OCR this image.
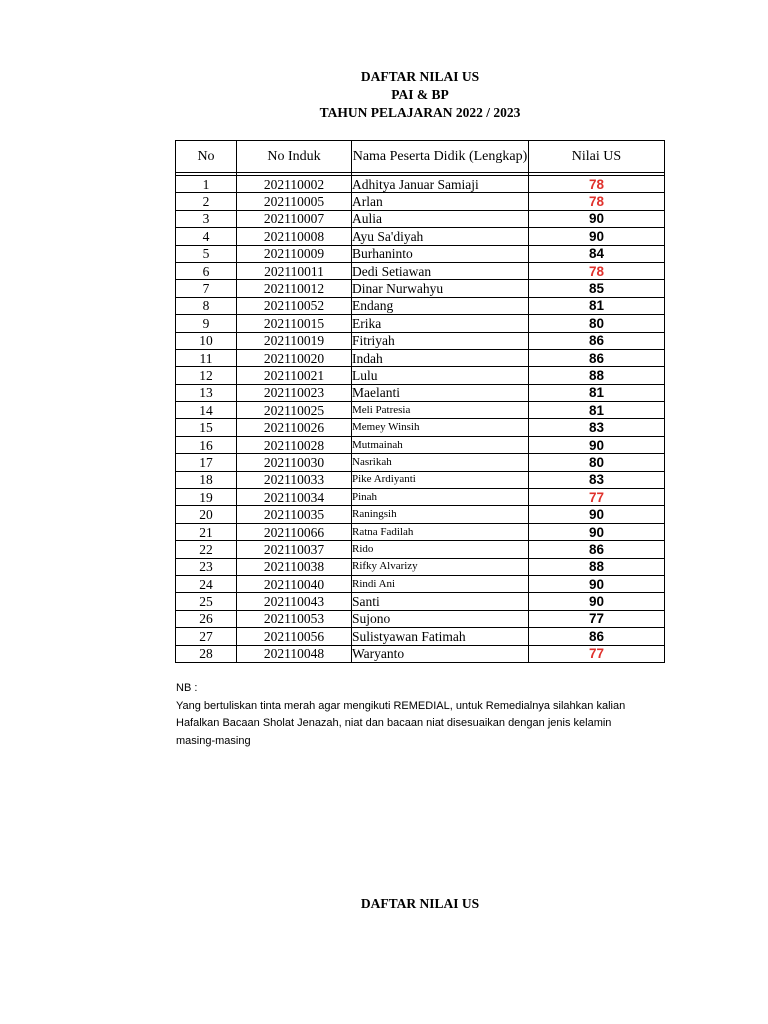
DAFTAR NILAI US
PAI & BP
TAHUN PELAJARAN 2022 / 2023
No	No Induk	Nama Peserta Didik (Lengkap)	Nilai US

1	202110002	Adhitya Januar Samiaji	78
2	202110005	Arlan	78
3	202110007	Aulia	90
4	202110008	Ayu Sa'diyah	90
5	202110009	Burhaninto	84
6	202110011	Dedi Setiawan	78
7	202110012	Dinar Nurwahyu	85
8	202110052	Endang	81
9	202110015	Erika	80
10	202110019	Fitriyah	86
11	202110020	Indah	86
12	202110021	Lulu	88
13	202110023	Maelanti	81
14	202110025	Meli Patresia	81
15	202110026	Memey Winsih	83
16	202110028	Mutmainah	90
17	202110030	Nasrikah	80
18	202110033	Pike Ardiyanti	83
19	202110034	Pinah	77
20	202110035	Raningsih	90
21	202110066	Ratna Fadilah	90
22	202110037	Rido	86
23	202110038	Rifky Alvarizy	88
24	202110040	Rindi Ani	90
25	202110043	Santi	90
26	202110053	Sujono	77
27	202110056	Sulistyawan Fatimah	86
28	202110048	Waryanto	77
NB :
Yang bertuliskan tinta merah agar mengikuti REMEDIAL, untuk Remedialnya silahkan kalian
Hafalkan Bacaan Sholat Jenazah, niat dan bacaan niat disesuaikan dengan jenis kelamin
masing-masing
DAFTAR NILAI US
